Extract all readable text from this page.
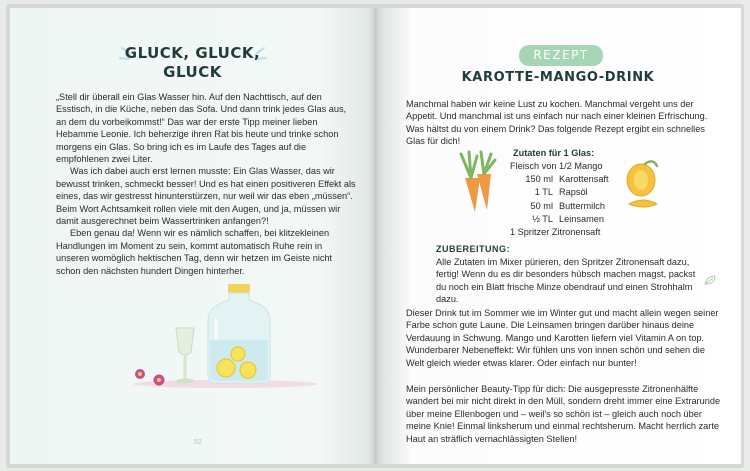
GLUCK, GLUCK,
GLUCK

„Stell dir überall ein Glas Wasser hin. Auf den Nachttisch, auf den Esstisch, in die Küche, neben das Sofa. Und dann trink jedes Glas aus, an dem du vorbeikommst!“ Das war der erste Tipp meiner lieben Hebamme Leonie. Ich beherzige ihren Rat bis heute und trinke schon morgens ein Glas. So bring ich es im Laufe des Tages auf die empfohlenen zwei Liter.

Was ich dabei auch erst lernen musste: Ein Glas Wasser, das wir bewusst trinken, schmeckt besser! Und es hat einen positiveren Effekt als eines, das wir gestresst hinunterstürzen, nur weil wir das eben „müssen“. Beim Wort Achtsamkeit rollen viele mit den Augen, und ja, müssen wir damit ausgerechnet beim Wassertrinken anfangen?!

Eben genau da! Wenn wir es nämlich schaffen, bei klitzekleinen Handlungen im Moment zu sein, kommt automatisch Ruhe rein in unseren womöglich hektischen Tag, denn wir hetzen im Geiste nicht schon den nächsten hundert Dingen hinterher.

52
REZEPT
KAROTTE-MANGO-DRINK
Manchmal haben wir keine Lust zu kochen. Manchmal vergeht uns der Appetit. Und manchmal ist uns einfach nur nach einer kleinen Erfrischung. Was hältst du von einem Drink? Das folgende Rezept ergibt ein schnelles Glas für dich!
Zutaten für 1 Glas:
Fleisch von 1/2 Mango
150 ml Karottensaft
1 TL Rapsöl
50 ml Buttermilch
½ TL Leinsamen
1 Spritzer Zitronensaft
ZUBEREITUNG:
Alle Zutaten im Mixer pürieren, den Spritzer Zitronensaft dazu, fertig! Wenn du es dir besonders hübsch machen magst, packst du noch ein Blatt frische Minze obendrauf und einen Strohhalm dazu.
Dieser Drink tut im Sommer wie im Winter gut und macht allein wegen seiner Farbe schon gute Laune. Die Leinsamen bringen darüber hinaus deine Verdauung in Schwung. Mango und Karotten liefern viel Vitamin A on top. Wunderbarer Nebeneffekt: Wir fühlen uns von innen schön und sehen die Welt gleich wieder etwas klarer. Oder einfach nur bunter!
Mein persönlicher Beauty-Tipp für dich: Die ausgepresste Zitronenhälfte wandert bei mir nicht direkt in den Müll, sondern dreht immer eine Extrarunde über meine Ellenbogen und – weil's so schön ist – gleich auch noch über meine Knie! Einmal linksherum und einmal rechtsherum. Macht herrlich zarte Haut an sträflich vernachlässigten Stellen!
